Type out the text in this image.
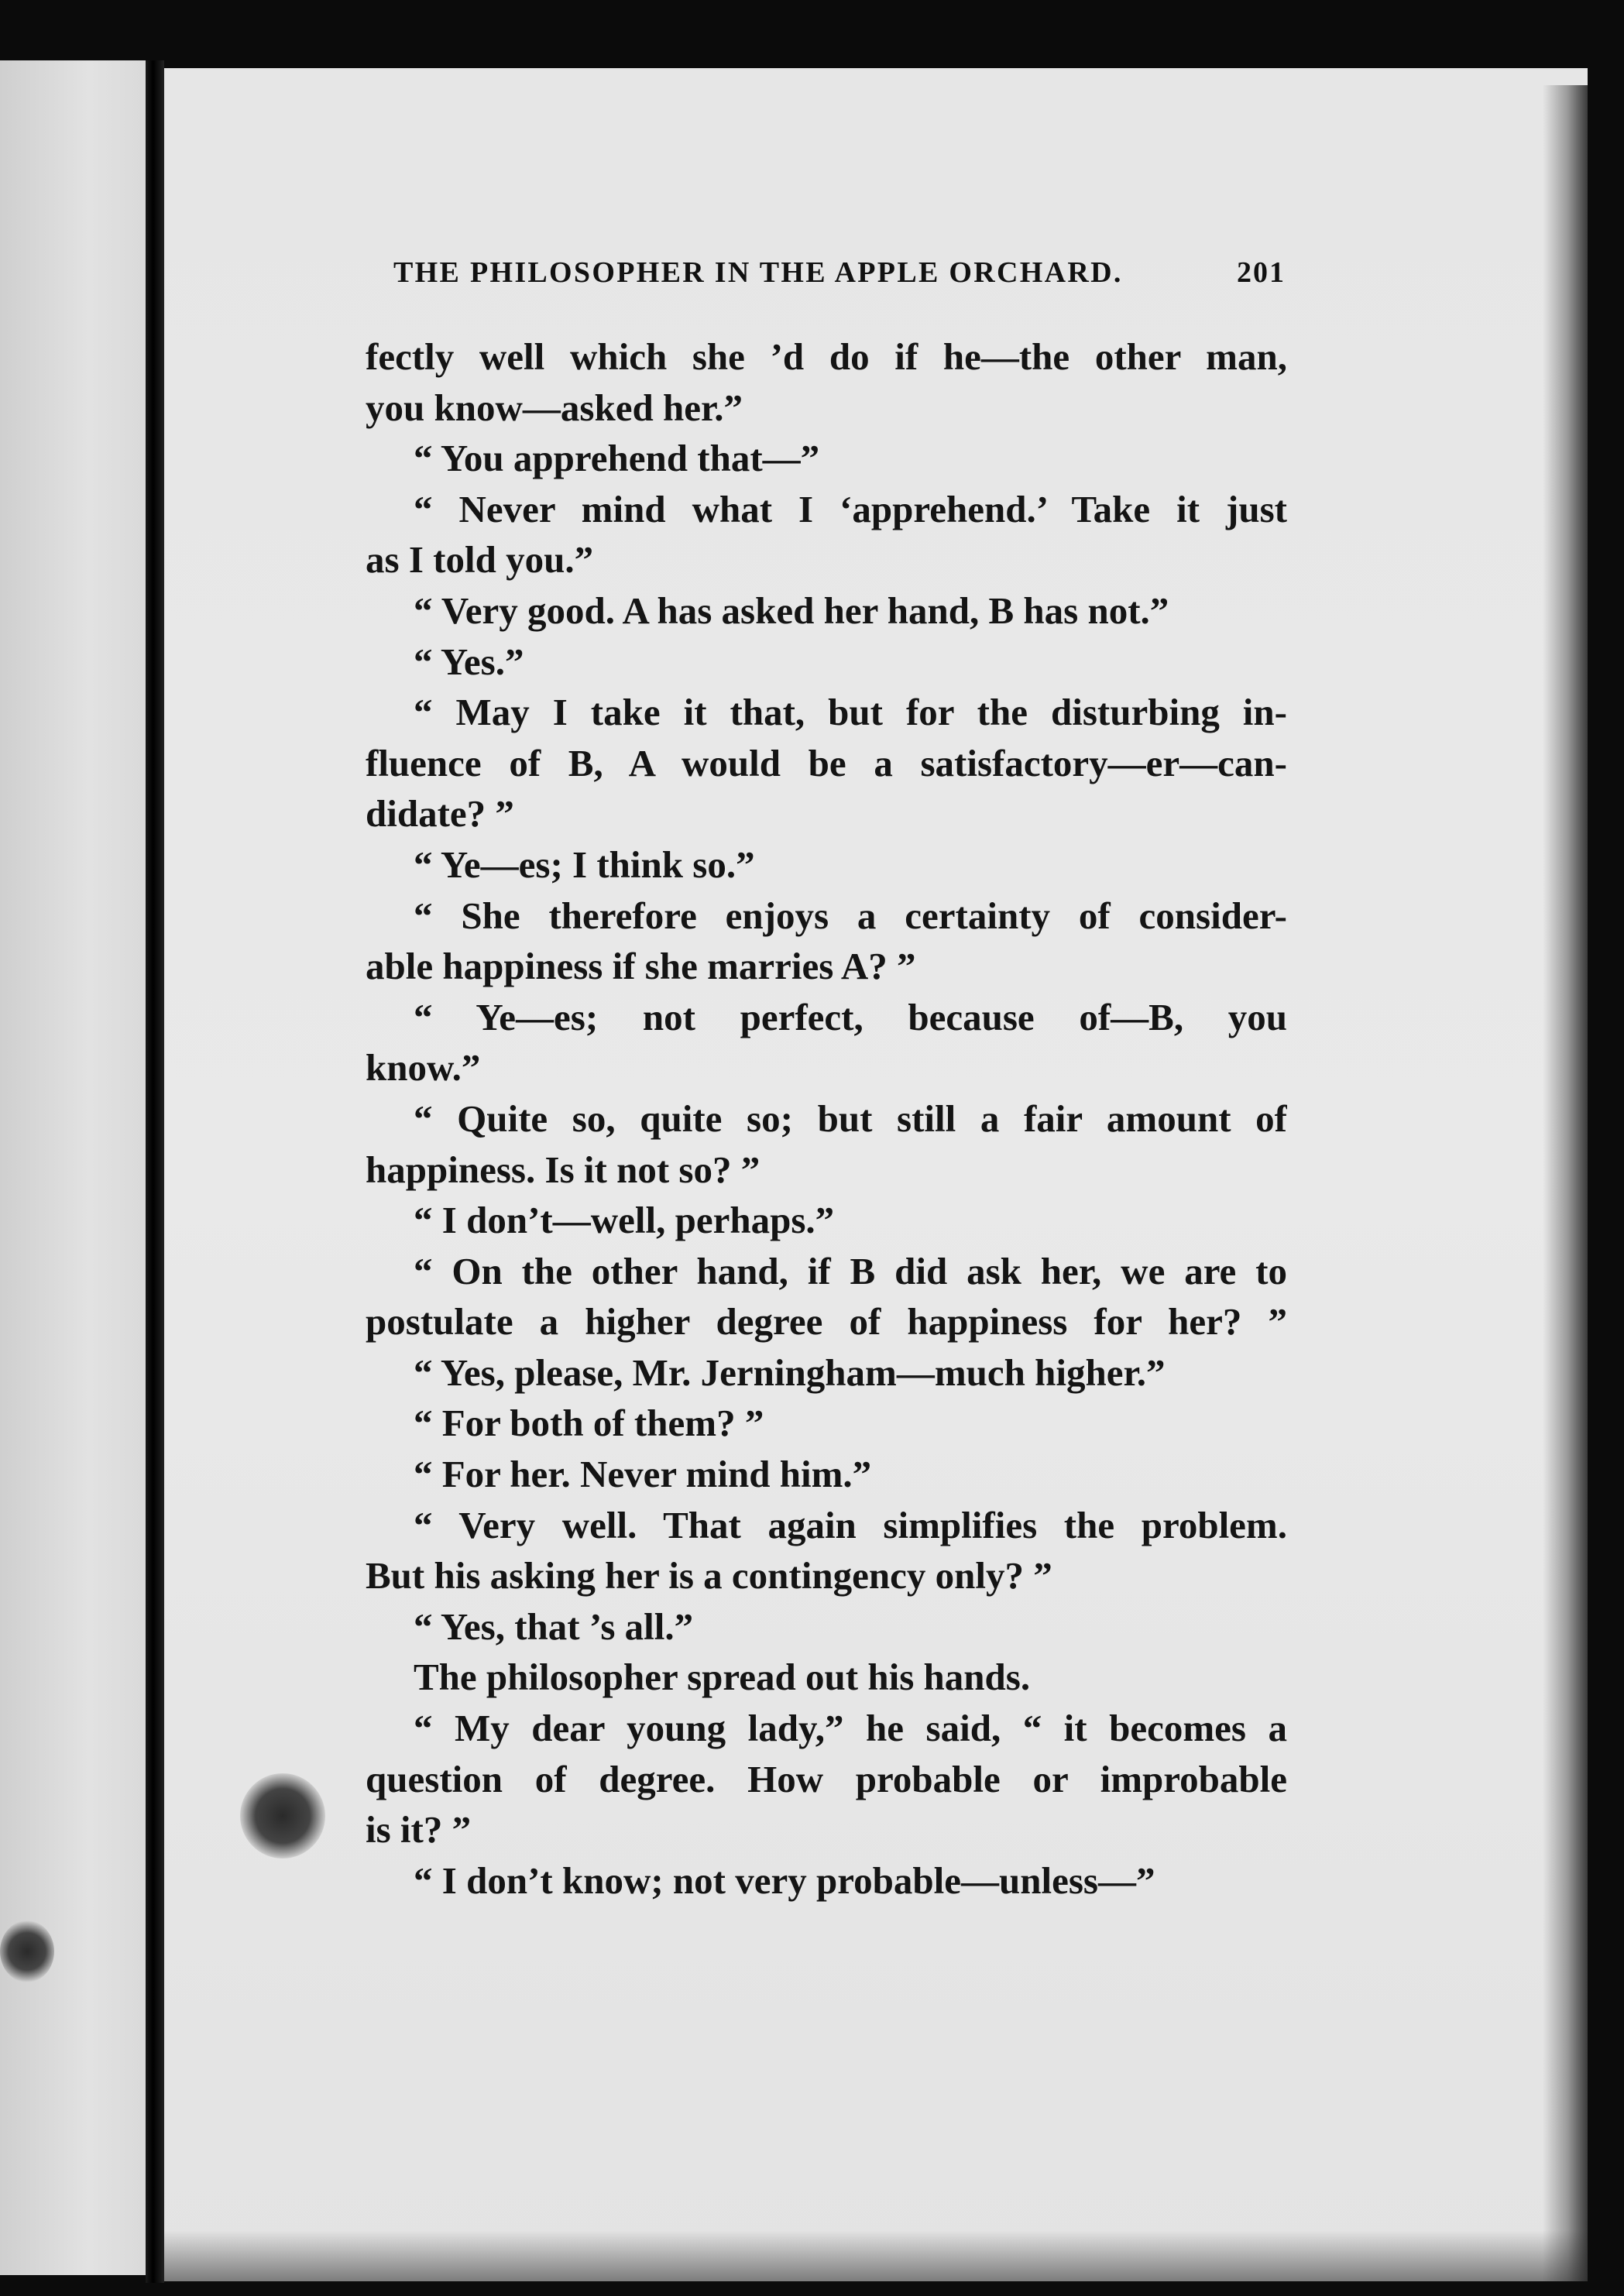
THE PHILOSOPHER IN THE APPLE ORCHARD.	201
fectly well which she ’d do if he—the other man,
you know—asked her.”
“ You apprehend that—”
“ Never mind what I ‘apprehend.’ Take it just
as I told you.”
“ Very good. A has asked her hand, B has not.”
“ Yes.”
“ May I take it that, but for the disturbing in-
fluence of B, A would be a satisfactory—er—can-
didate? ”
“ Ye—es; I think so.”
“ She therefore enjoys a certainty of consider-
able happiness if she marries A? ”
“ Ye—es; not perfect, because of—B, you
know.”
“ Quite so, quite so; but still a fair amount of
happiness. Is it not so? ”
“ I don’t—well, perhaps.”
“ On the other hand, if B did ask her, we are to
postulate a higher degree of happiness for her? ”
“ Yes, please, Mr. Jerningham—much higher.”
“ For both of them? ”
“ For her. Never mind him.”
“ Very well. That again simplifies the problem.
But his asking her is a contingency only? ”
“ Yes, that ’s all.”
The philosopher spread out his hands.
“ My dear young lady,” he said, “ it becomes a
question of degree. How probable or improbable
is it? ”
“ I don’t know; not very probable—unless—”
